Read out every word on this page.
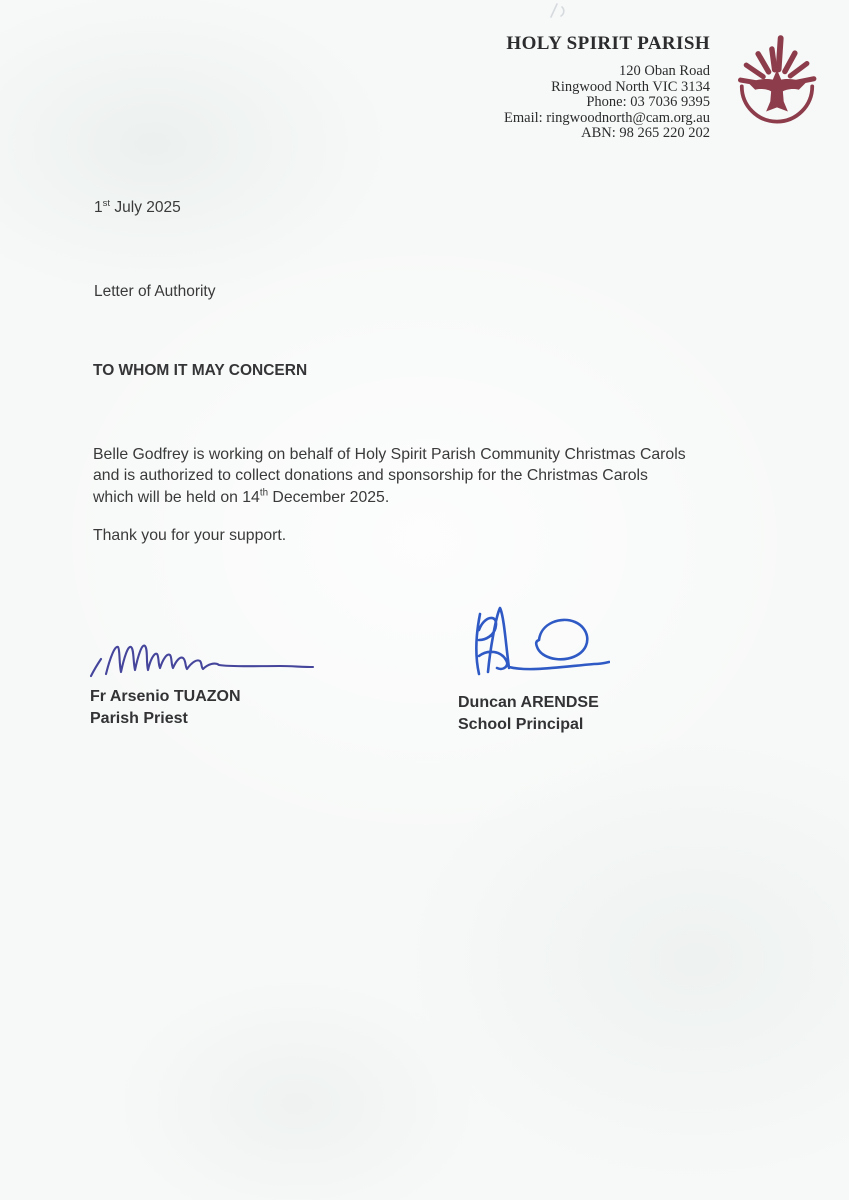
HOLY SPIRIT PARISH
120 Oban Road
Ringwood North VIC 3134
Phone: 03 7036 9395
Email: ringwoodnorth@cam.org.au
ABN: 98 265 220 202
1st July 2025
Letter of Authority
TO WHOM IT MAY CONCERN
Belle Godfrey is working on behalf of Holy Spirit Parish Community Christmas Carols
and is authorized to collect donations and sponsorship for the Christmas Carols
which will be held on 14th December 2025.
Thank you for your support.
Fr Arsenio TUAZON
Parish Priest
Duncan ARENDSE
School Principal
